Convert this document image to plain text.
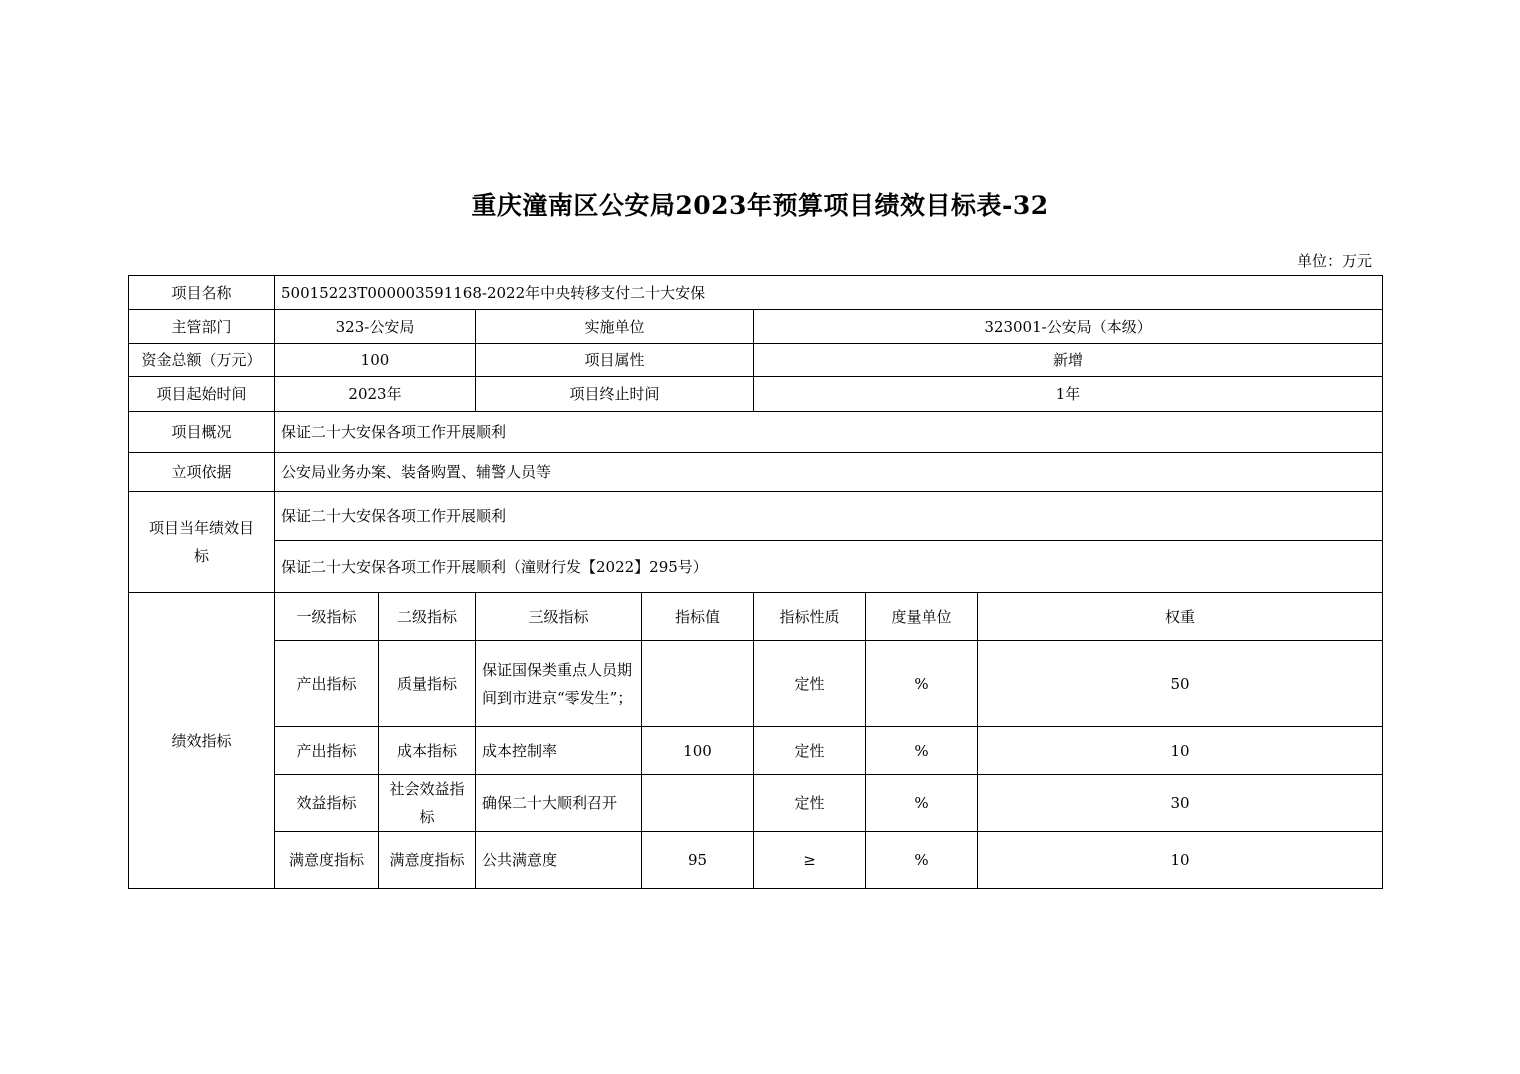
重庆潼南区公安局2023年预算项目绩效目标表-32
单位：万元
项目名称	50015223T000003591168-2022年中央转移支付二十大安保						
主管部门	323-公安局		实施单位		323001-公安局（本级）		
资金总额（万元）	100		项目属性		新增		
项目起始时间	2023年		项目终止时间		1年		
项目概况	保证二十大安保各项工作开展顺利						
立项依据	公安局业务办案、装备购置、辅警人员等						
项目当年绩效目标	保证二十大安保各项工作开展顺利						
	保证二十大安保各项工作开展顺利（潼财行发【2022】295号）						
绩效指标	一级指标	二级指标	三级指标	指标值	指标性质	度量单位	权重
	产出指标	质量指标	保证国保类重点人员期间到市进京“零发生”；		定性	%	50
	产出指标	成本指标	成本控制率	100	定性	%	10
	效益指标	社会效益指标	确保二十大顺利召开		定性	%	30
	满意度指标	满意度指标	公共满意度	95	≥	%	10
